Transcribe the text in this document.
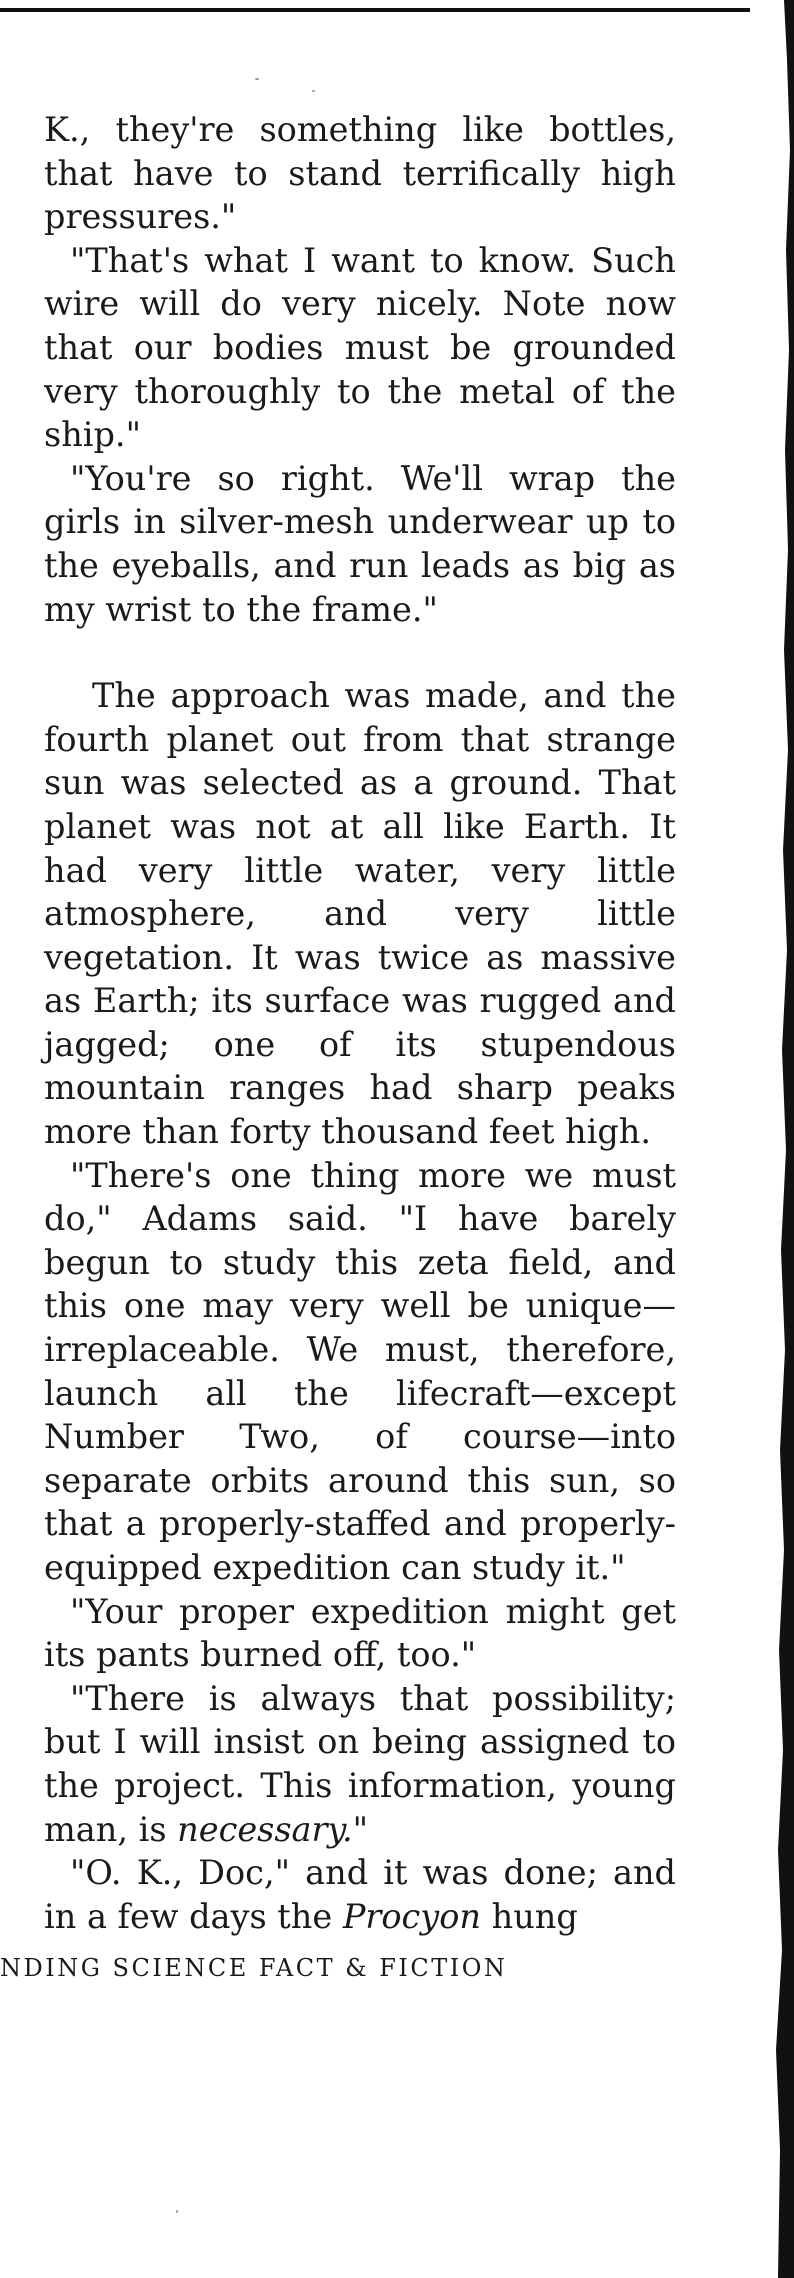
K., they're something like bottles, that have to stand terrifically high pressures."

"That's what I want to know. Such wire will do very nicely. Note now that our bodies must be grounded very thoroughly to the metal of the ship."

"You're so right. We'll wrap the girls in silver-mesh underwear up to the eyeballs, and run leads as big as my wrist to the frame."

The approach was made, and the fourth planet out from that strange sun was selected as a ground. That planet was not at all like Earth. It had very little water, very little atmosphere, and very little vegetation. It was twice as massive as Earth; its surface was rugged and jagged; one of its stupendous mountain ranges had sharp peaks more than forty thousand feet high.

"There's one thing more we must do," Adams said. "I have barely begun to study this zeta field, and this one may very well be unique—irreplaceable. We must, therefore, launch all the lifecraft—except Number Two, of course—into separate orbits around this sun, so that a properly-staffed and properly-equipped expedition can study it."

"Your proper expedition might get its pants burned off, too."

"There is always that possibility; but I will insist on being assigned to the project. This information, young man, is necessary."

"O. K., Doc," and it was done; and in a few days the Procyon hung

NDING SCIENCE FACT & FICTION
